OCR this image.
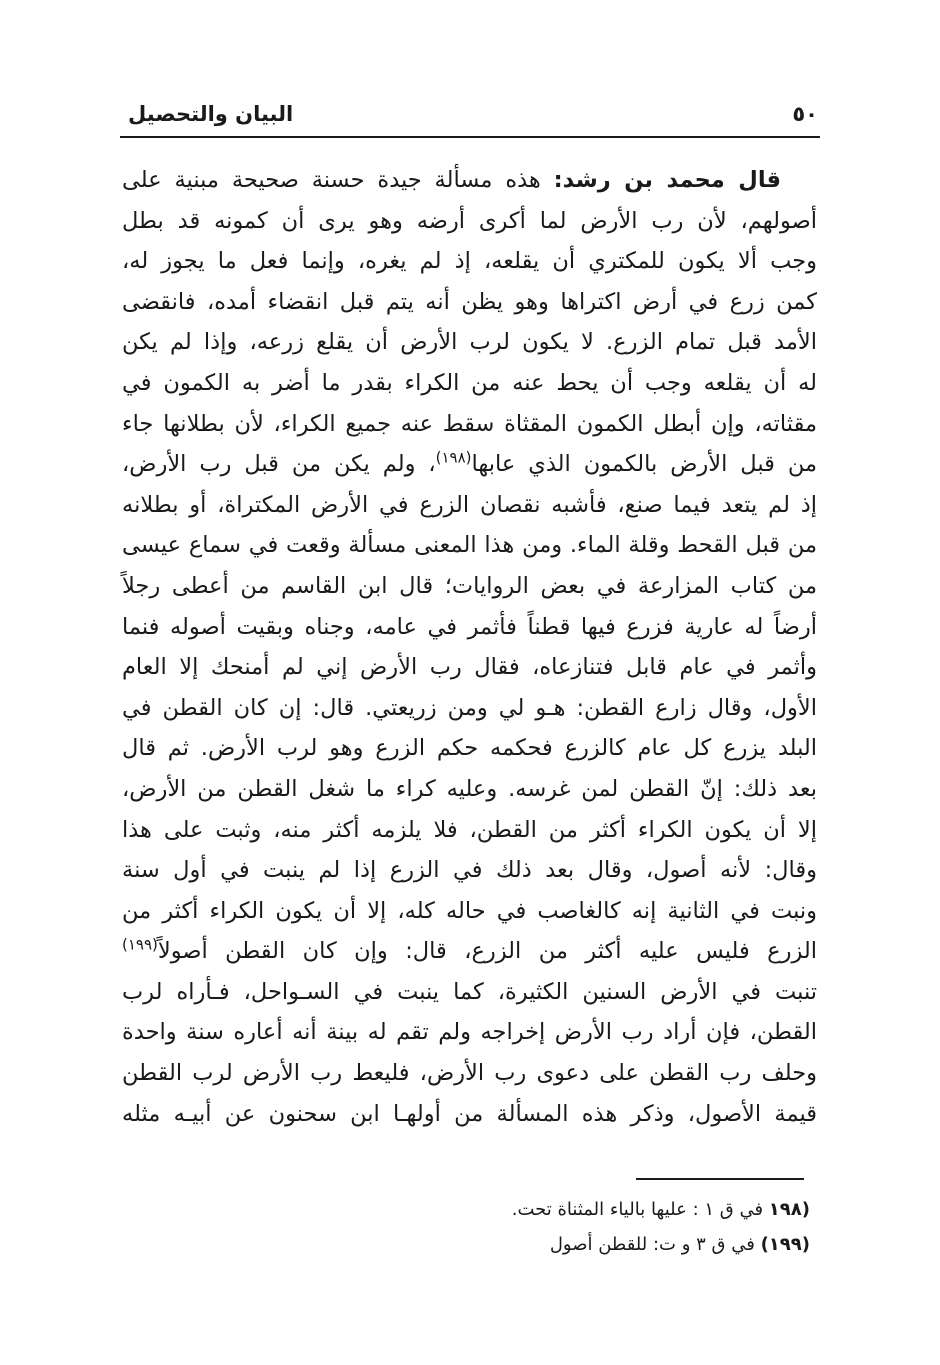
٥٠
البيان والتحصيل
قال محمد بن رشد: هذه مسألة جيدة حسنة صحيحة مبنية على
أصولهم، لأن رب الأرض لما أكرى أرضه وهو يرى أن كمونه قد بطل
وجب ألا يكون للمكتري أن يقلعه، إذ لم يغره، وإنما فعل ما يجوز له،
كمن زرع في أرض اكتراها وهو يظن أنه يتم قبل انقضاء أمده، فانقضى
الأمد قبل تمام الزرع. لا يكون لرب الأرض أن يقلع زرعه، وإذا لم يكن
له أن يقلعه وجب أن يحط عنه من الكراء بقدر ما أضر به الكمون في
مقثاته، وإن أبطل الكمون المقثاة سقط عنه جميع الكراء، لأن بطلانها جاء
من قبل الأرض بالكمون الذي عابها$^{(١٩٨)}$، ولم يكن من قبل رب الأرض،
إذ لم يتعد فيما صنع، فأشبه نقصان الزرع في الأرض المكتراة، أو بطلانه
من قبل القحط وقلة الماء. ومن هذا المعنى مسألة وقعت في سماع عيسى
من كتاب المزارعة في بعض الروايات؛ قال ابن القاسم من أعطى رجلاً
أرضاً له عارية فزرع فيها قطناً فأثمر في عامه، وجناه وبقيت أصوله فنما
وأثمر في عام قابل فتنازعاه، فقال رب الأرض إني لم أمنحك إلا العام
الأول، وقال زارع القطن: هـو لي ومن زريعتي. قال: إن كان القطن في
البلد يزرع كل عام كالزرع فحكمه حكم الزرع وهو لرب الأرض. ثم قال
بعد ذلك: إنّ القطن لمن غرسه. وعليه كراء ما شغل القطن من الأرض،
إلا أن يكون الكراء أكثر من القطن، فلا يلزمه أكثر منه، وثبت على هذا
وقال: لأنه أصول، وقال بعد ذلك في الزرع إذا لم ينبت في أول سنة
ونبت في الثانية إنه كالغاصب في حاله كله، إلا أن يكون الكراء أكثر من
الزرع فليس عليه أكثر من الزرع، قال: وإن كان القطن أصولاً$^{(١٩٩)}$
تنبت في الأرض السنين الكثيرة، كما ينبت في السـواحل، فـأراه لرب
القطن، فإن أراد رب الأرض إخراجه ولم تقم له بينة أنه أعاره سنة واحدة
وحلف رب القطن على دعوى رب الأرض، فليعط رب الأرض لرب القطن
قيمة الأصول، وذكر هذه المسألة من أولهـا ابن سحنون عن أبيـه مثله
(١٩٨ في ق ١ : عليها بالياء المثناة تحت.
(١٩٩) في ق ٣ و ت: للقطن أصول
